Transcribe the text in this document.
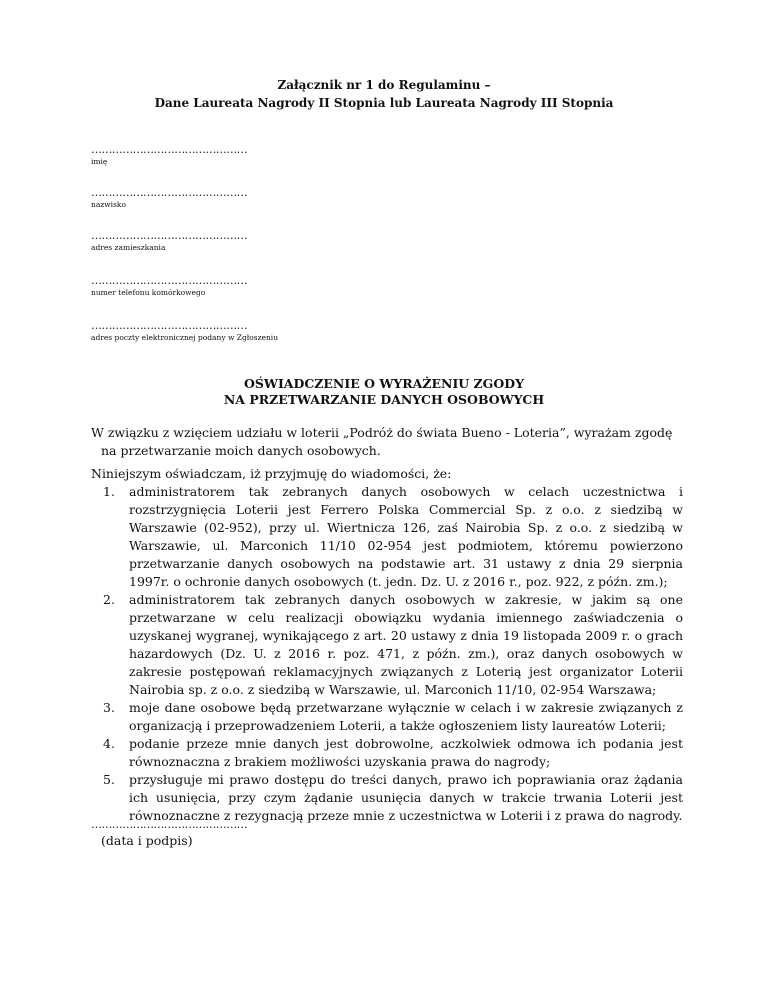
Załącznik nr 1 do Regulaminu –
Dane Laureata Nagrody II Stopnia lub Laureata Nagrody III Stopnia
………………………………………
imię
………………………………………
nazwisko
………………………………………
adres zamieszkania
………………………………………
numer telefonu komórkowego
………………………………………
adres poczty elektronicznej podany w Zgłoszeniu
OŚWIADCZENIE O WYRAŻENIU ZGODY
NA PRZETWARZANIE DANYCH OSOBOWYCH
W związku z wzięciem udziału w loterii „Podróż do świata Bueno - Loteria”, wyrażam zgodę
na przetwarzanie moich danych osobowych.
Niniejszym oświadczam, iż przyjmuję do wiadomości, że:
1. administratorem tak zebranych danych osobowych w celach uczestnictwa i rozstrzygnięcia Loterii jest Ferrero Polska Commercial Sp. z o.o. z siedzibą w Warszawie (02-952), przy ul. Wiertnicza 126, zaś Nairobia Sp. z o.o. z siedzibą w Warszawie, ul. Marconich 11/10 02-954 jest podmiotem, któremu powierzono przetwarzanie danych osobowych na podstawie art. 31 ustawy z dnia 29 sierpnia 1997r. o ochronie danych osobowych (t. jedn. Dz. U. z 2016 r., poz. 922, z późn. zm.);
2. administratorem tak zebranych danych osobowych w zakresie, w jakim są one przetwarzane w celu realizacji obowiązku wydania imiennego zaświadczenia o uzyskanej wygranej, wynikającego z art. 20 ustawy z dnia 19 listopada 2009 r. o grach hazardowych (Dz. U. z 2016 r. poz. 471, z późn. zm.), oraz danych osobowych w zakresie postępowań reklamacyjnych związanych z Loterią jest organizator Loterii Nairobia sp. z o.o. z siedzibą w Warszawie, ul. Marconich 11/10, 02-954 Warszawa;
3. moje dane osobowe będą przetwarzane wyłącznie w celach i w zakresie związanych z organizacją i przeprowadzeniem Loterii, a także ogłoszeniem listy laureatów Loterii;
4. podanie przeze mnie danych jest dobrowolne, aczkolwiek odmowa ich podania jest równoznaczna z brakiem możliwości uzyskania prawa do nagrody;
5. przysługuje mi prawo dostępu do treści danych, prawo ich poprawiania oraz żądania ich usunięcia, przy czym żądanie usunięcia danych w trakcie trwania Loterii jest równoznaczne z rezygnacją przeze mnie z uczestnictwa w Loterii i z prawa do nagrody.
………………………………………
(data i podpis)
